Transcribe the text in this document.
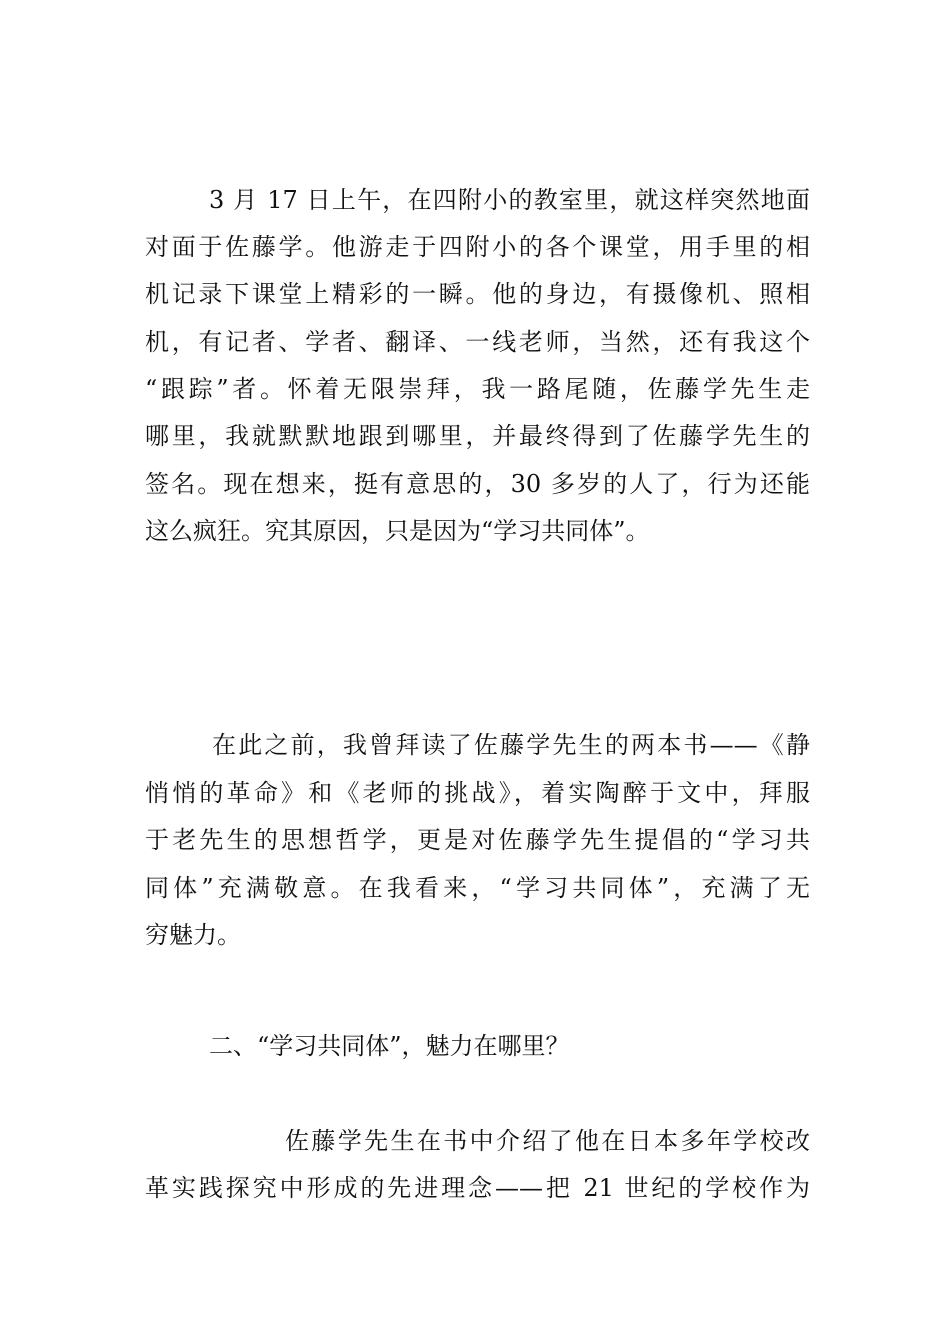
3 月 17 日上午，在四附小的教室里，就这样突然地面
对面于佐藤学。他游走于四附小的各个课堂，用手里的相
机记录下课堂上精彩的一瞬。他的身边，有摄像机、照相
机，有记者、学者、翻译、一线老师，当然，还有我这个
“跟踪”者。怀着无限崇拜，我一路尾随，佐藤学先生走
哪里，我就默默地跟到哪里，并最终得到了佐藤学先生的
签名。现在想来，挺有意思的，30 多岁的人了，行为还能
这么疯狂。究其原因，只是因为“学习共同体”。
在此之前，我曾拜读了佐藤学先生的两本书——《静
悄悄的革命》和《老师的挑战》，着实陶醉于文中，拜服
于老先生的思想哲学，更是对佐藤学先生提倡的“学习共
同体”充满敬意。在我看来，“学习共同体”，充满了无
穷魅力。
二、“学习共同体”，魅力在哪里？
佐藤学先生在书中介绍了他在日本多年学校改
革实践探究中形成的先进理念——把 21 世纪的学校作为
